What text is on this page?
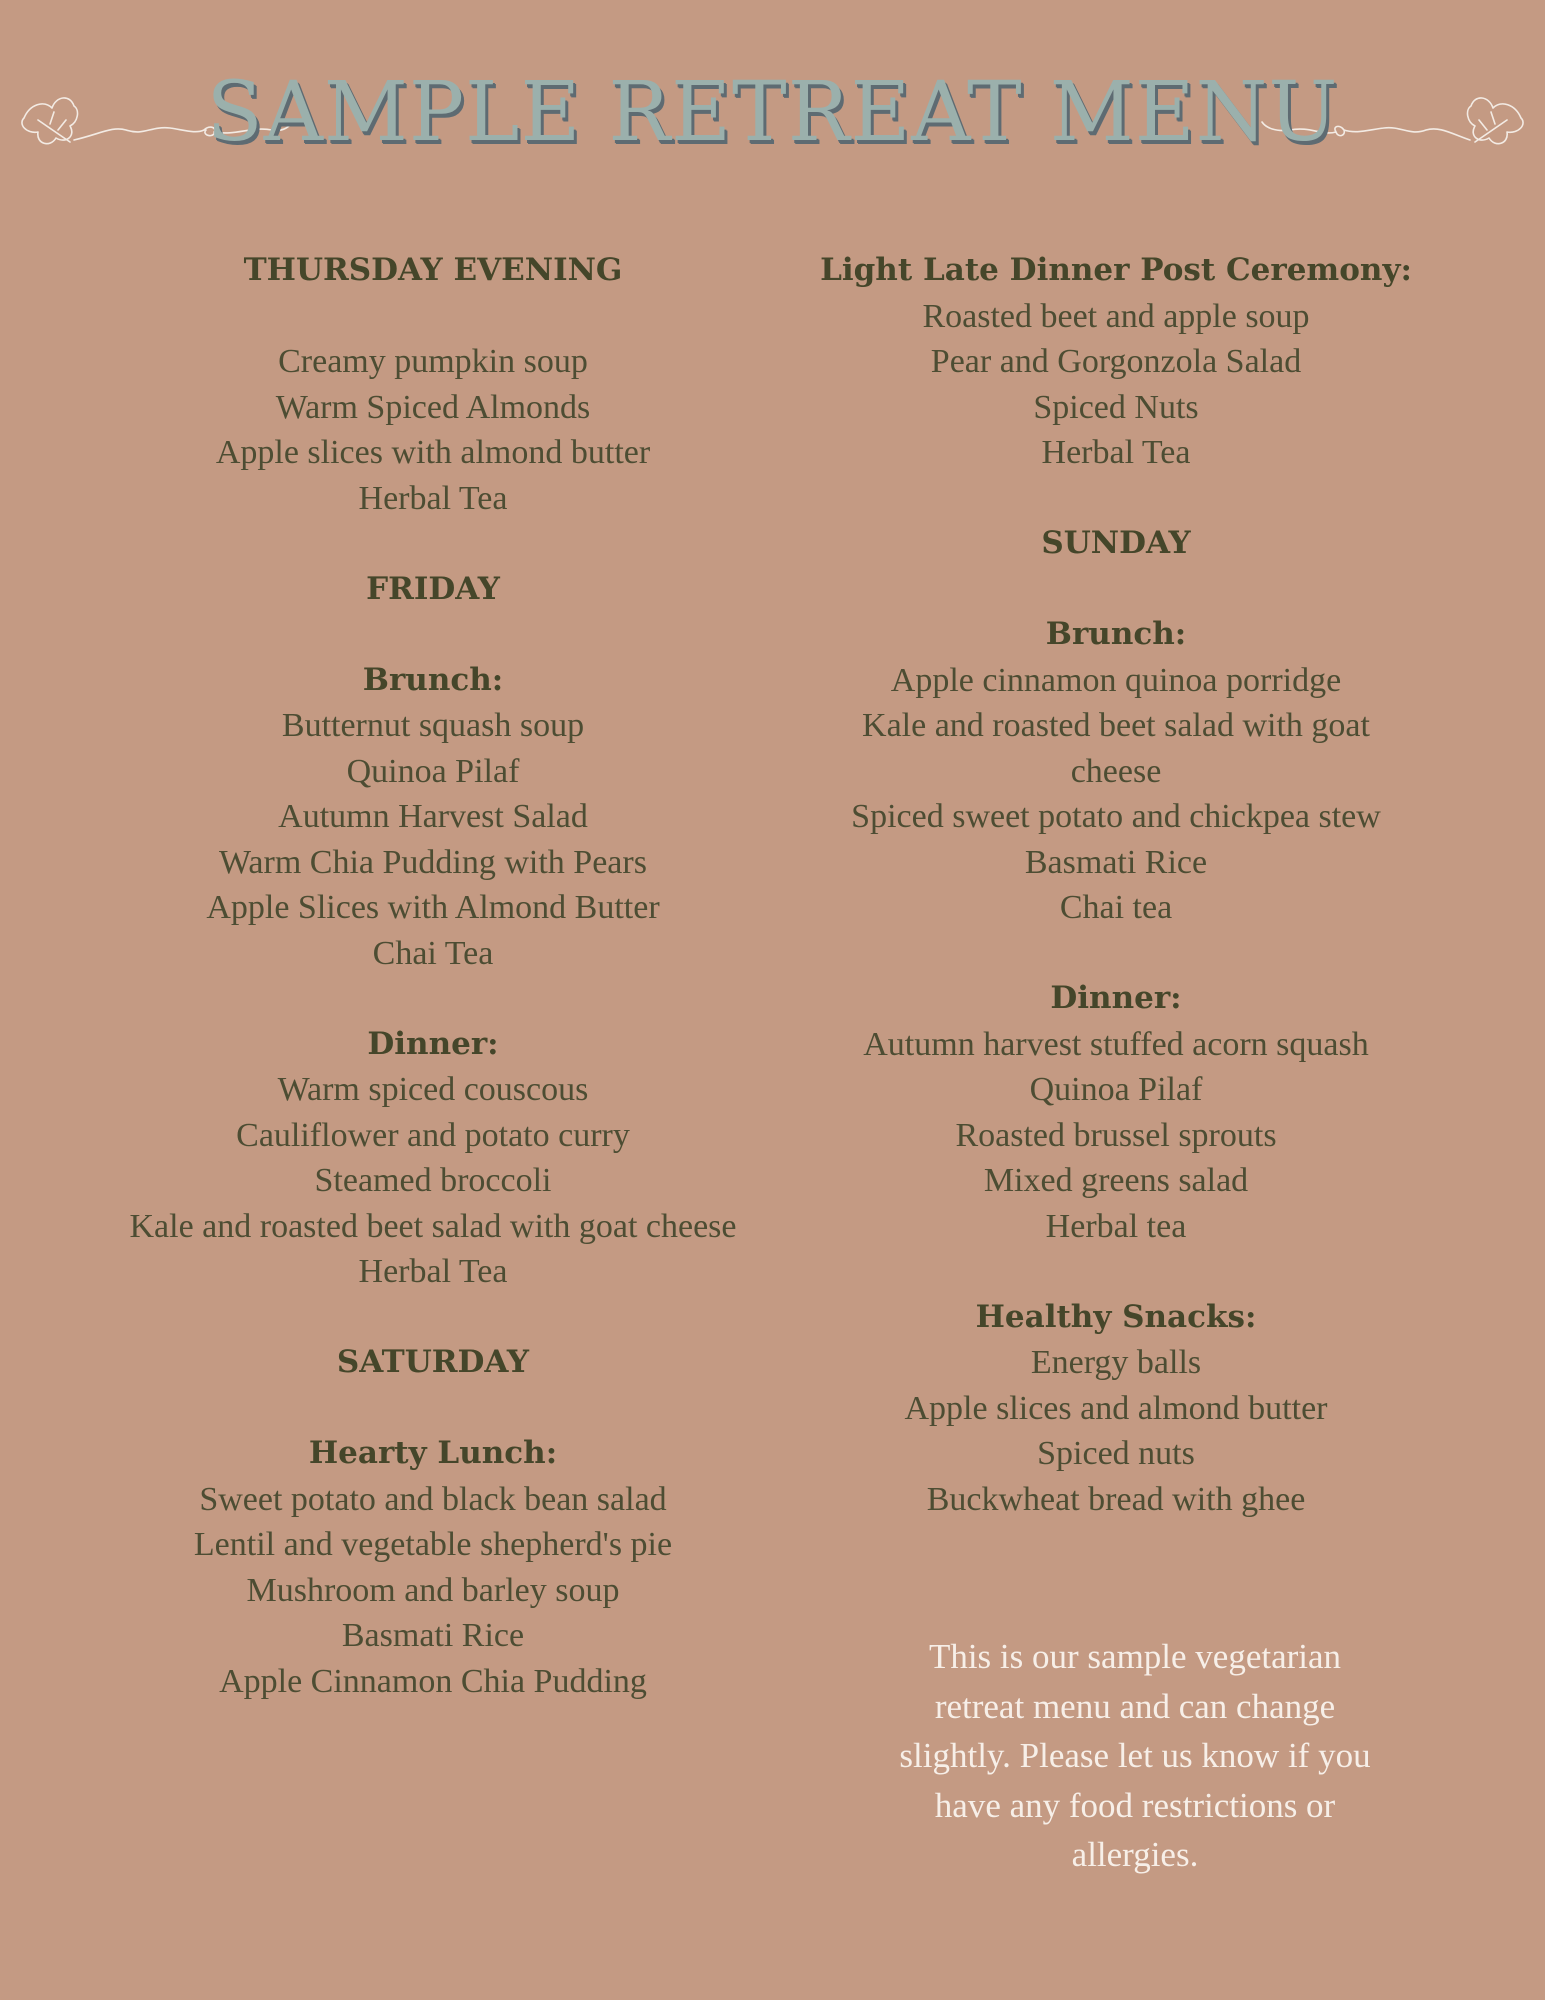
SAMPLE RETREAT MENU
THURSDAY EVENING
Creamy pumpkin soup
Warm Spiced Almonds
Apple slices with almond butter
Herbal Tea
FRIDAY
Brunch:
Butternut squash soup
Quinoa Pilaf
Autumn Harvest Salad
Warm Chia Pudding with Pears
Apple Slices with Almond Butter
Chai Tea
Dinner:
Warm spiced couscous
Cauliflower and potato curry
Steamed broccoli
Kale and roasted beet salad with goat cheese
Herbal Tea
SATURDAY
Hearty Lunch:
Sweet potato and black bean salad
Lentil and vegetable shepherd's pie
Mushroom and barley soup
Basmati Rice
Apple Cinnamon Chia Pudding
Light Late Dinner Post Ceremony:
Roasted beet and apple soup
Pear and Gorgonzola Salad
Spiced Nuts
Herbal Tea
SUNDAY
Brunch:
Apple cinnamon quinoa porridge
Kale and roasted beet salad with goat cheese
Spiced sweet potato and chickpea stew
Basmati Rice
Chai tea
Dinner:
Autumn harvest stuffed acorn squash
Quinoa Pilaf
Roasted brussel sprouts
Mixed greens salad
Herbal tea
Healthy Snacks:
Energy balls
Apple slices and almond butter
Spiced nuts
Buckwheat bread with ghee
This is our sample vegetarian retreat menu and can change slightly. Please let us know if you have any food restrictions or allergies.
